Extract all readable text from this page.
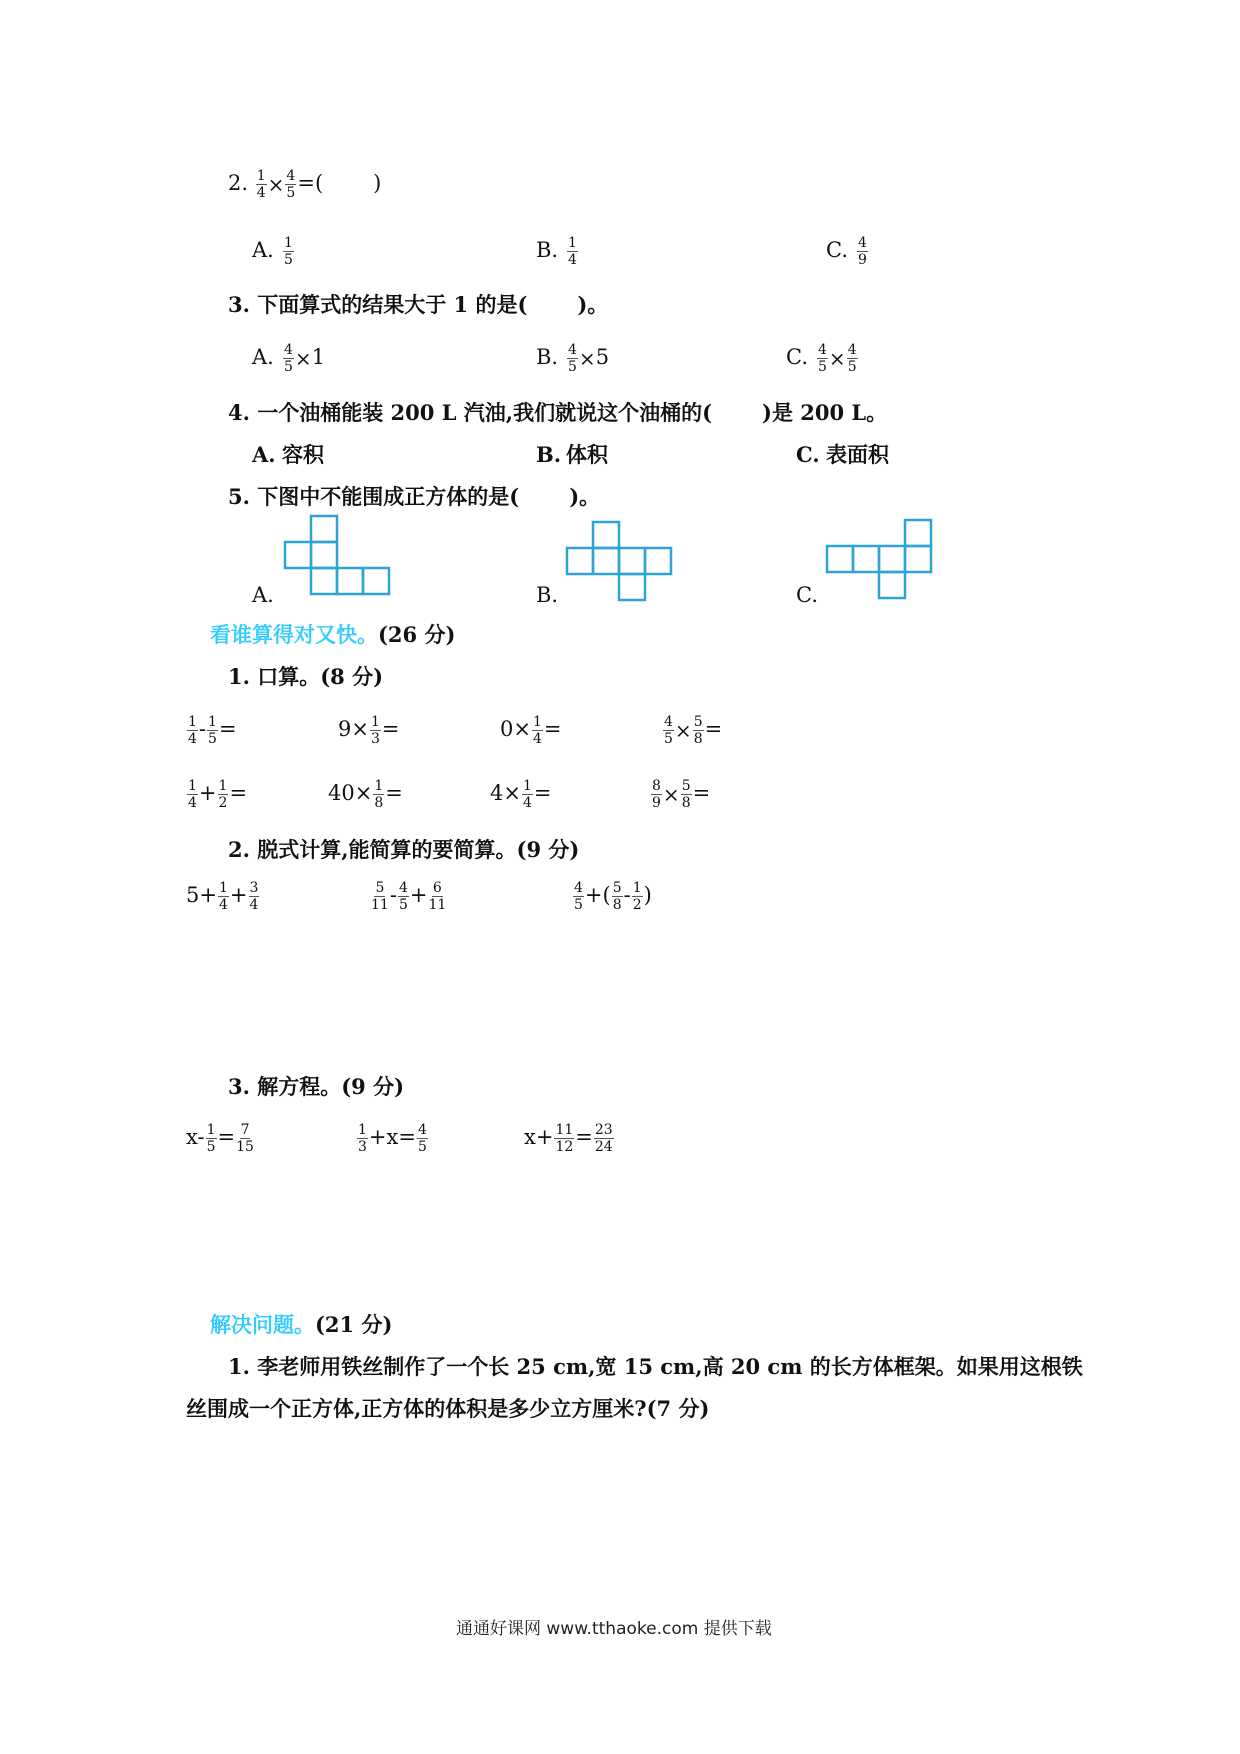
2. $\frac{1}{4} \times \frac{4}{5}$ =( )
A. $\frac{1}{5}$	B. $\frac{1}{4}$	C. $\frac{4}{9}$
3. 下面算式的结果大于 1 的是( )。
A. $\frac{4}{5} \times 1$	B. $\frac{4}{5} \times 5$	C. $\frac{4}{5} \times \frac{4}{5}$
4. 一个油桶能装 200 L 汽油,我们就说这个油桶的( )是 200 L。
A. 容积	B. 体积	C. 表面积
5. 下图中不能围成正方体的是( )。
A.	B.	C.
看谁算得对又快。(26 分)
1. 口算。(8 分)
$\frac{1}{4} - \frac{1}{5}$ =	$9\times \frac{1}{3}$ =	$0\times \frac{1}{4}$ =	$\frac{4}{5} \times \frac{5}{8}$ =
$\frac{1}{4} + \frac{1}{2}$ =	$40\times \frac{1}{8}$ =	$4\times \frac{1}{4}$ =	$\frac{8}{9} \times \frac{5}{8}$ =
2. 脱式计算,能简算的要简算。(9 分)
$5+ \frac{1}{4} + \frac{3}{4}$	$\frac{5}{11} - \frac{4}{5} + \frac{6}{11}$	$\frac{4}{5}$ +( $\frac{5}{8} - \frac{1}{2}$ )
3. 解方程。(9 分)
$x- \frac{1}{5} = \frac{7}{15}$	$\frac{1}{3} +x= \frac{4}{5}$	$x+ \frac{11}{12} = \frac{23}{24}$
解决问题。(21 分)
1. 李老师用铁丝制作了一个长 25 cm,宽 15 cm,高 20 cm 的长方体框架。如果用这根铁
丝围成一个正方体,正方体的体积是多少立方厘米?(7 分)
通通好课网 www.tthaoke.com 提供下载
